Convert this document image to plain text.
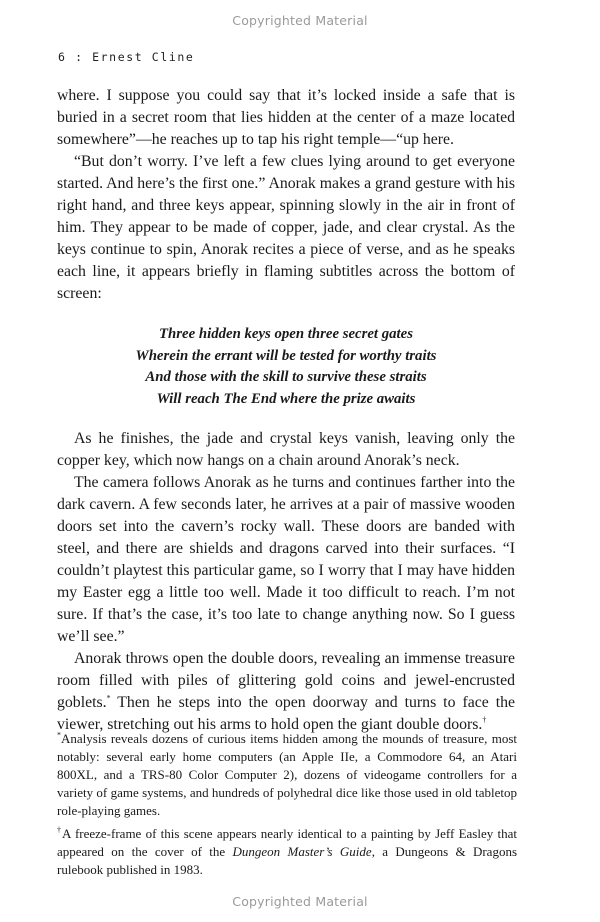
Copyrighted Material
6 : Ernest Cline

where. I suppose you could say that it’s locked inside a safe that is buried in a secret room that lies hidden at the center of a maze located somewhere”—he reaches up to tap his right temple—“up here.

“But don’t worry. I’ve left a few clues lying around to get everyone started. And here’s the first one.” Anorak makes a grand gesture with his right hand, and three keys appear, spinning slowly in the air in front of him. They appear to be made of copper, jade, and clear crystal. As the keys continue to spin, Anorak recites a piece of verse, and as he speaks each line, it appears briefly in flaming subtitles across the bottom of screen:

Three hidden keys open three secret gates
Wherein the errant will be tested for worthy traits
And those with the skill to survive these straits
Will reach The End where the prize awaits

As he finishes, the jade and crystal keys vanish, leaving only the copper key, which now hangs on a chain around Anorak’s neck.

The camera follows Anorak as he turns and continues farther into the dark cavern. A few seconds later, he arrives at a pair of massive wooden doors set into the cavern’s rocky wall. These doors are banded with steel, and there are shields and dragons carved into their surfaces. “I couldn’t playtest this particular game, so I worry that I may have hidden my Easter egg a little too well. Made it too difficult to reach. I’m not sure. If that’s the case, it’s too late to change anything now. So I guess we’ll see.”

Anorak throws open the double doors, revealing an immense treasure room filled with piles of glittering gold coins and jewel-encrusted goblets.* Then he steps into the open doorway and turns to face the viewer, stretching out his arms to hold open the giant double doors.†

*Analysis reveals dozens of curious items hidden among the mounds of treasure, most notably: several early home computers (an Apple IIe, a Commodore 64, an Atari 800XL, and a TRS-80 Color Computer 2), dozens of videogame controllers for a variety of game systems, and hundreds of polyhedral dice like those used in old tabletop role-playing games.

†A freeze-frame of this scene appears nearly identical to a painting by Jeff Easley that appeared on the cover of the Dungeon Master’s Guide, a Dungeons & Dragons rulebook published in 1983.

Copyrighted Material
